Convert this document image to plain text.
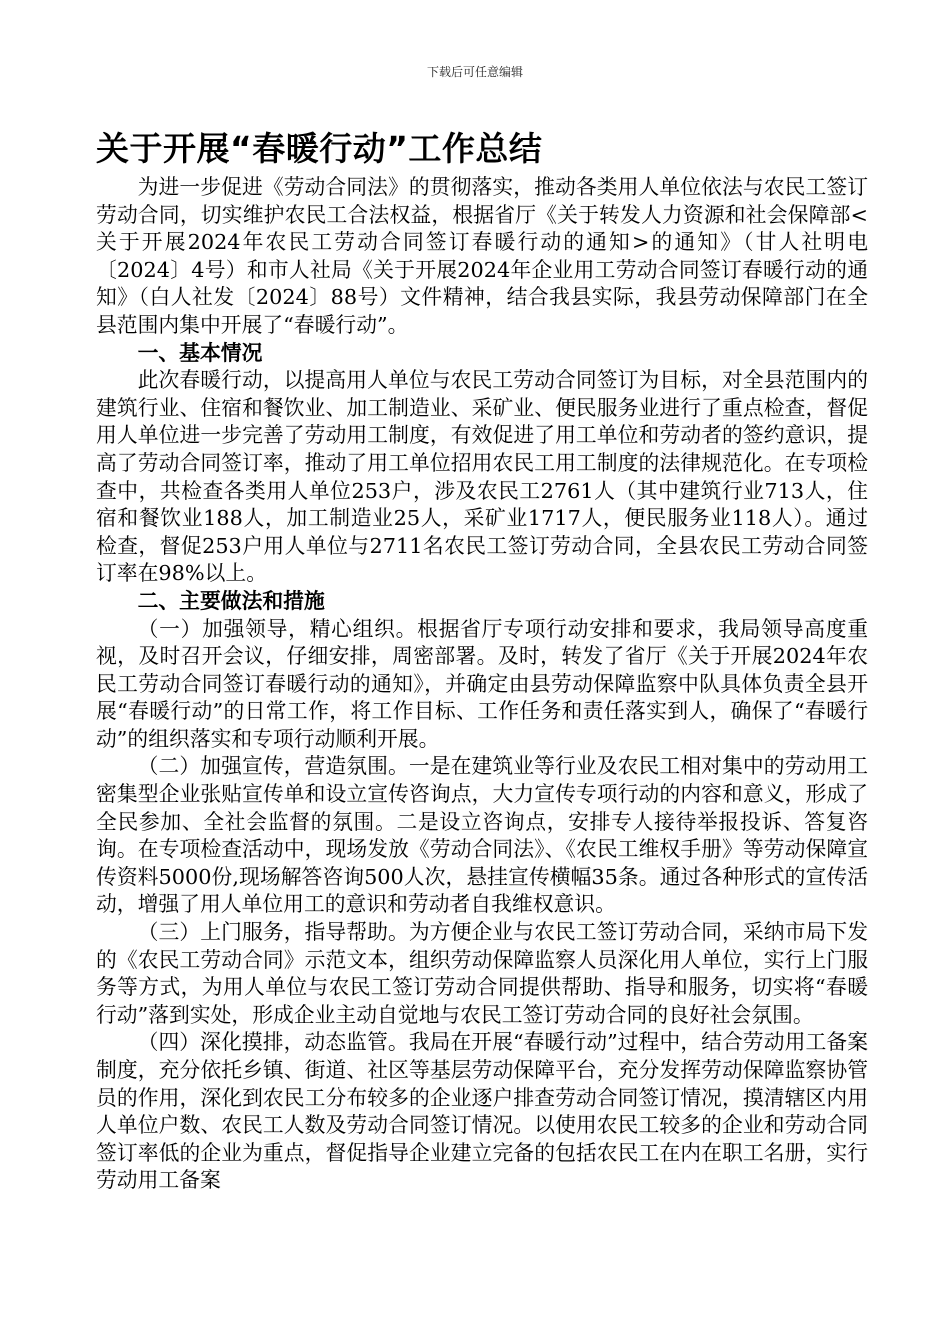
下载后可任意编辑
关于开展“春暖行动”工作总结

为进一步促进《劳动合同法》的贯彻落实，推动各类用人单位依法与农民工签订劳动合同，切实维护农民工合法权益，根据省厅《关于转发人力资源和社会保障部<关于开展2024年农民工劳动合同签订春暖行动的通知>的通知》（甘人社明电〔2024〕4号）和市人社局《关于开展2024年企业用工劳动合同签订春暖行动的通知》（白人社发〔2024〕88号）文件精神，结合我县实际，我县劳动保障部门在全县范围内集中开展了“春暖行动”。

一、基本情况

此次春暖行动，以提高用人单位与农民工劳动合同签订为目标，对全县范围内的建筑行业、住宿和餐饮业、加工制造业、采矿业、便民服务业进行了重点检查，督促用人单位进一步完善了劳动用工制度，有效促进了用工单位和劳动者的签约意识，提高了劳动合同签订率，推动了用工单位招用农民工用工制度的法律规范化。在专项检查中，共检查各类用人单位253户，涉及农民工2761人（其中建筑行业713人，住宿和餐饮业188人，加工制造业25人，采矿业1717人，便民服务业118人）。通过检查，督促253户用人单位与2711名农民工签订劳动合同，全县农民工劳动合同签订率在98%以上。

二、主要做法和措施

（一）加强领导，精心组织。根据省厅专项行动安排和要求，我局领导高度重视，及时召开会议，仔细安排，周密部署。及时，转发了省厅《关于开展2024年农民工劳动合同签订春暖行动的通知》，并确定由县劳动保障监察中队具体负责全县开展“春暖行动”的日常工作，将工作目标、工作任务和责任落实到人，确保了“春暖行动”的组织落实和专项行动顺利开展。

（二）加强宣传，营造氛围。一是在建筑业等行业及农民工相对集中的劳动用工密集型企业张贴宣传单和设立宣传咨询点，大力宣传专项行动的内容和意义，形成了全民参加、全社会监督的氛围。二是设立咨询点，安排专人接待举报投诉、答复咨询。在专项检查活动中，现场发放《劳动合同法》、《农民工维权手册》等劳动保障宣传资料5000份,现场解答咨询500人次，悬挂宣传横幅35条。通过各种形式的宣传活动，增强了用人单位用工的意识和劳动者自我维权意识。

（三）上门服务，指导帮助。为方便企业与农民工签订劳动合同，采纳市局下发的《农民工劳动合同》示范文本，组织劳动保障监察人员深化用人单位，实行上门服务等方式，为用人单位与农民工签订劳动合同提供帮助、指导和服务，切实将“春暖行动”落到实处，形成企业主动自觉地与农民工签订劳动合同的良好社会氛围。

（四）深化摸排，动态监管。我局在开展“春暖行动”过程中，结合劳动用工备案制度，充分依托乡镇、街道、社区等基层劳动保障平台，充分发挥劳动保障监察协管员的作用，深化到农民工分布较多的企业逐户排查劳动合同签订情况，摸清辖区内用人单位户数、农民工人数及劳动合同签订情况。以使用农民工较多的企业和劳动合同签订率低的企业为重点，督促指导企业建立完备的包括农民工在内在职工名册，实行劳动用工备案
